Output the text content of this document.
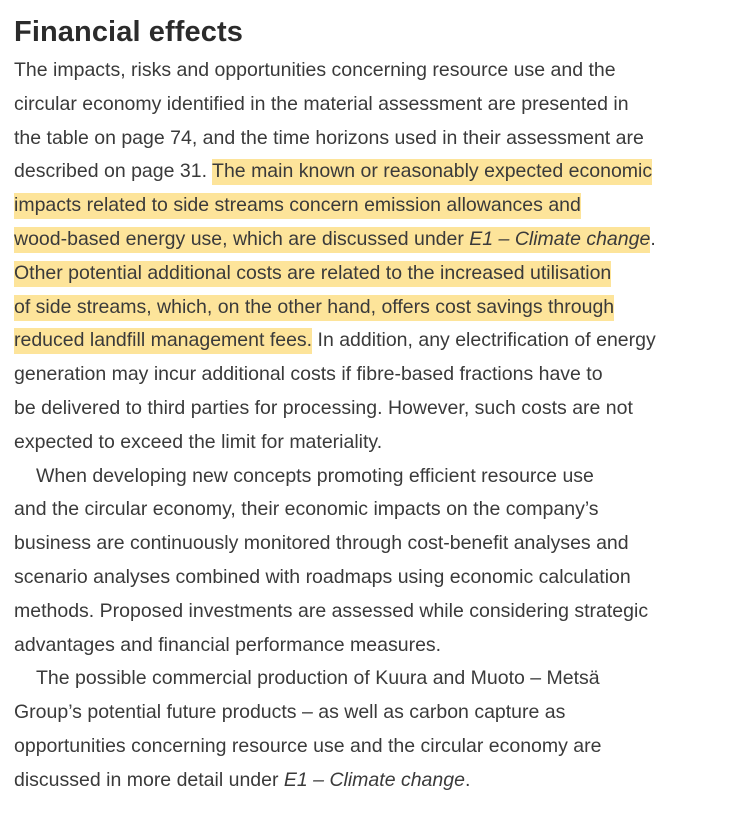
Financial effects
The impacts, risks and opportunities concerning resource use and the
circular economy identified in the material assessment are presented in
the table on page 74, and the time horizons used in their assessment are
described on page 31. The main known or reasonably expected economic
impacts related to side streams concern emission allowances and
wood-based energy use, which are discussed under E1 – Climate change.
Other potential additional costs are related to the increased utilisation
of side streams, which, on the other hand, offers cost savings through
reduced landfill management fees. In addition, any electrification of energy
generation may incur additional costs if fibre-based fractions have to
be delivered to third parties for processing. However, such costs are not
expected to exceed the limit for materiality.
When developing new concepts promoting efficient resource use
and the circular economy, their economic impacts on the company’s
business are continuously monitored through cost-benefit analyses and
scenario analyses combined with roadmaps using economic calculation
methods. Proposed investments are assessed while considering strategic
advantages and financial performance measures.
The possible commercial production of Kuura and Muoto – Metsä
Group’s potential future products – as well as carbon capture as
opportunities concerning resource use and the circular economy are
discussed in more detail under E1 – Climate change.
